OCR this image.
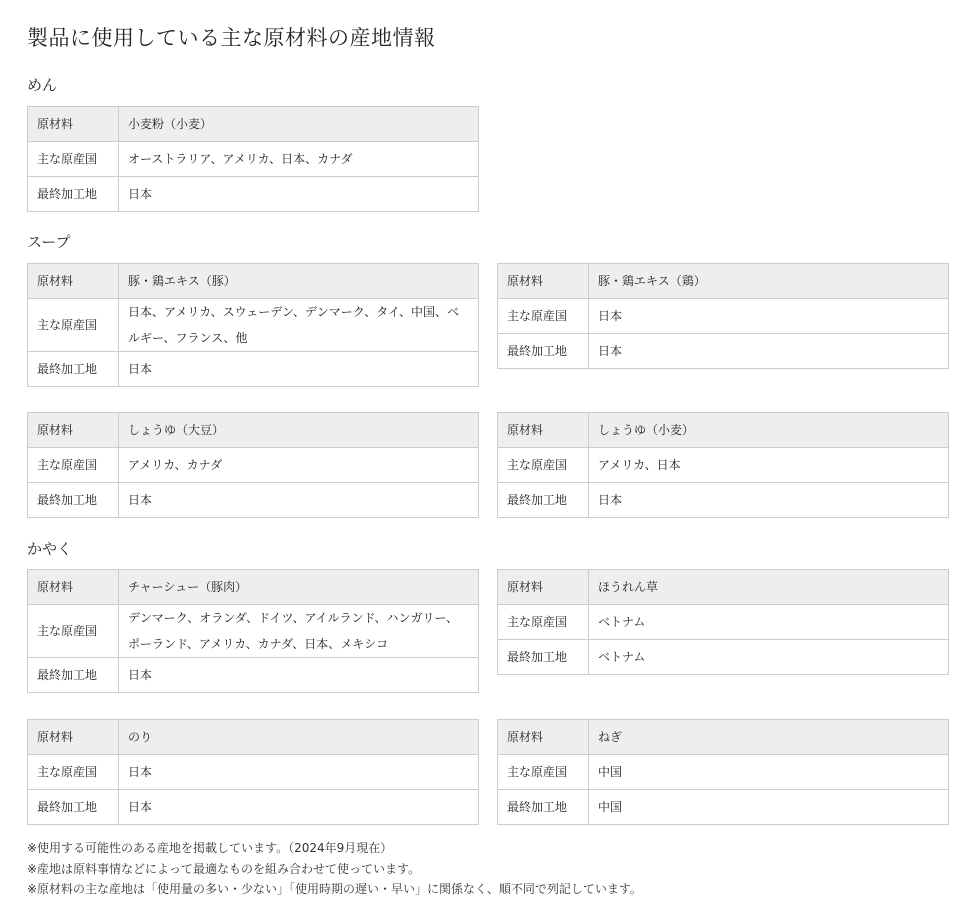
製品に使用している主な原材料の産地情報
めん
原材料	小麦粉（小麦）
主な原産国	オーストラリア、アメリカ、日本、カナダ
最終加工地	日本
スープ
原材料	豚・鶏エキス（豚）
主な原産国	日本、アメリカ、スウェーデン、デンマーク、タイ、中国、ベルギー、フランス、他
最終加工地	日本
原材料	豚・鶏エキス（鶏）
主な原産国	日本
最終加工地	日本
原材料	しょうゆ（大豆）
主な原産国	アメリカ、カナダ
最終加工地	日本
原材料	しょうゆ（小麦）
主な原産国	アメリカ、日本
最終加工地	日本
かやく
原材料	チャーシュー（豚肉）
主な原産国	デンマーク、オランダ、ドイツ、アイルランド、ハンガリー、ポーランド、アメリカ、カナダ、日本、メキシコ
最終加工地	日本
原材料	ほうれん草
主な原産国	ベトナム
最終加工地	ベトナム
原材料	のり
主な原産国	日本
最終加工地	日本
原材料	ねぎ
主な原産国	中国
最終加工地	中国

※使用する可能性のある産地を掲載しています。（2024年9月現在）

※産地は原料事情などによって最適なものを組み合わせて使っています。

※原材料の主な産地は「使用量の多い・少ない」「使用時期の遅い・早い」に関係なく、順不同で列記しています。
